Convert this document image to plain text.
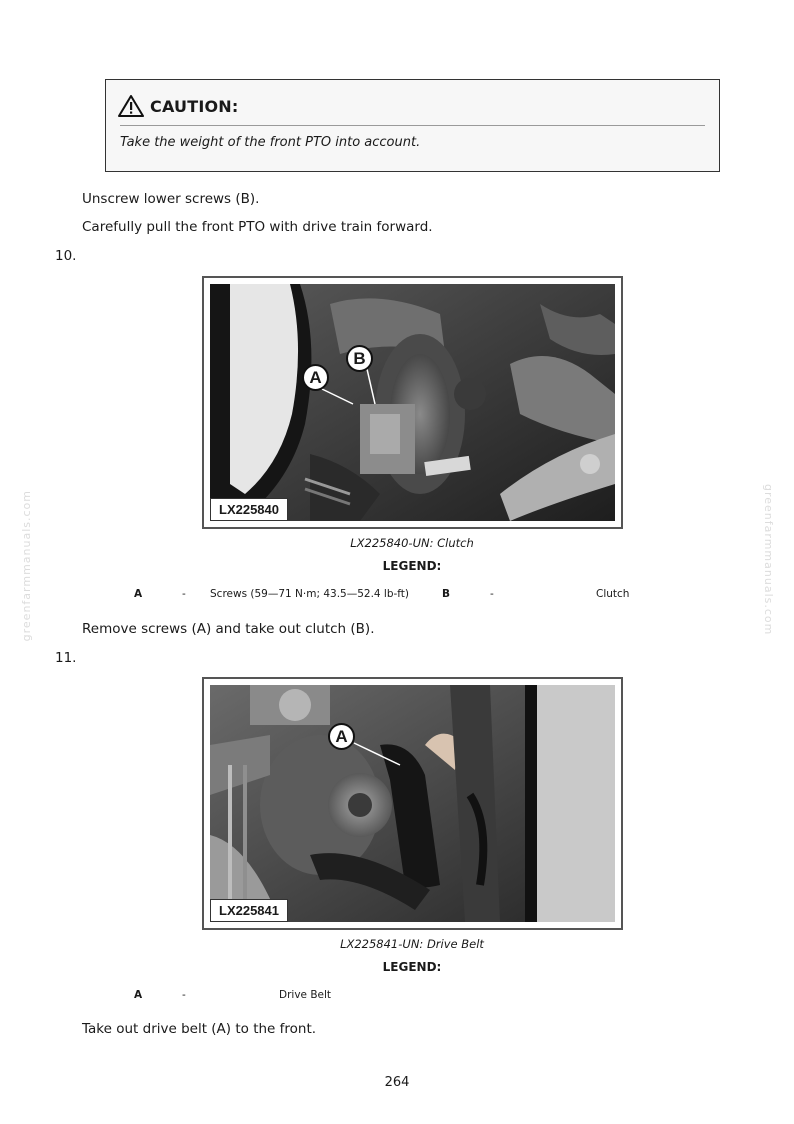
greenfarmmanuals.com	greenfarmmanuals.com
CAUTION:
Take the weight of the front PTO into account.
Unscrew lower screws (B).
Carefully pull the front PTO with drive train forward.
10.
A
B
LX225840
LX225840-UN: Clutch
LEGEND:
A	- Screws (59—71 N·m; 43.5—52.4 lb-ft)	B	-	Clutch
Remove screws (A) and take out clutch (B).
11.
A
LX225841
LX225841-UN: Drive Belt
LEGEND:
A	-	Drive Belt
Take out drive belt (A) to the front.
264
